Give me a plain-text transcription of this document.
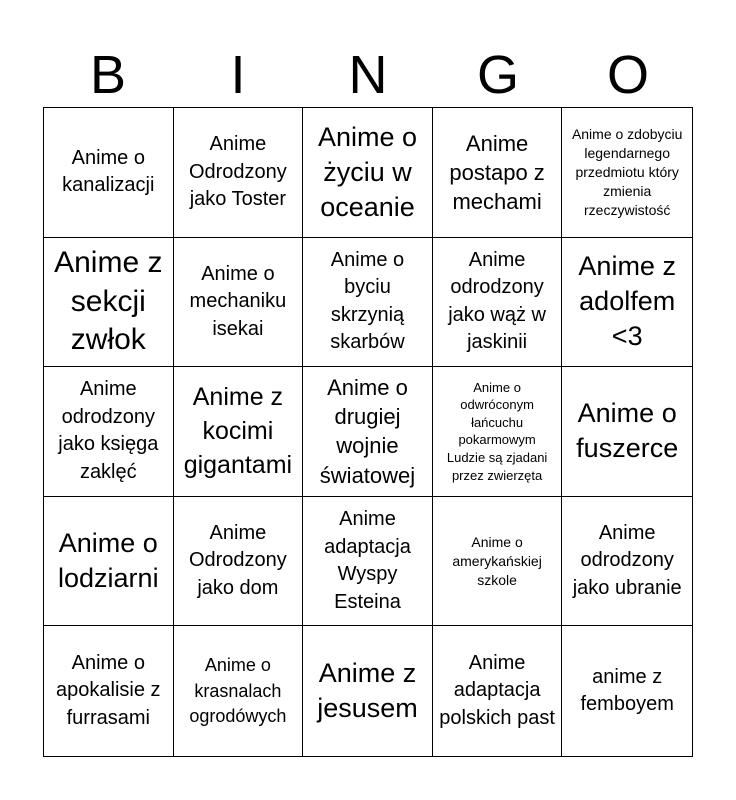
B	I	N	G	O
Anime o kanalizacji
Anime Odrodzony jako Toster
Anime o życiu w oceanie
Anime postapo z mechami
Anime o zdobyciu legendarnego przedmiotu który zmienia rzeczywistość
Anime z sekcji zwłok
Anime o mechaniku isekai
Anime o byciu skrzynią skarbów
Anime odrodzony jako wąż w jaskinii
Anime z adolfem <3
Anime odrodzony jako księga zaklęć
Anime z kocimi gigantami
Anime o drugiej wojnie światowej
Anime o odwróconym łańcuchu pokarmowym Ludzie są zjadani przez zwierzęta
Anime o fuszerce
Anime o lodziarni
Anime Odrodzony jako dom
Anime adaptacja Wyspy Esteina
Anime o amerykańskiej szkole
Anime odrodzony jako ubranie
Anime o apokalisie z furrasami
Anime o krasnalach ogrodówych
Anime z jesusem
Anime adaptacja polskich past
anime z femboyem
